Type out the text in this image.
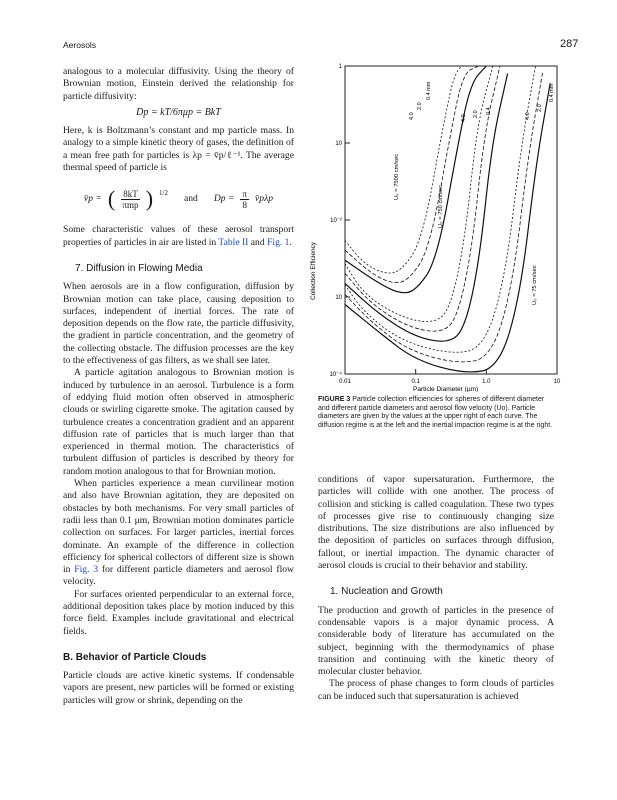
Aerosols	287

analogous to a molecular diffusivity. Using the theory of Brownian motion, Einstein derived the relationship for particle diffusivity:

Dp = kT/6πμp = BkT

Here, k is Boltzmann’s constant and mp particle mass. In analogy to a simple kinetic theory of gases, the definition of a mean free path for particles is λp = v̄p/ℓ⁻¹. The average thermal speed of particle is

v̄p = ( $\frac{8kT}{\text{πmp}}$ ) 1/2 and $Dp = \frac{\pi}{8}$ v̄pλp

Some characteristic values of these aerosol transport properties of particles in air are listed in Table II and Fig. 1.

7. Diffusion in Flowing Media

When aerosols are in a flow configuration, diffusion by Brownian motion can take place, causing deposition to surfaces, independent of inertial forces. The rate of deposition depends on the flow rate, the particle diffusivity, the gradient in particle concentration, and the geometry of the collecting obstacle. The diffusion processes are the key to the effectiveness of gas filters, as we shall see later.

A particle agitation analogous to Brownian motion is induced by turbulence in an aerosol. Turbulence is a form of eddying fluid motion often observed in atmospheric clouds or swirling cigarette smoke. The agitation caused by turbulence creates a concentration gradient and an apparent diffusion rate of particles that is much larger than that experienced in thermal motion. The characteristics of turbulent diffusion of particles is described by theory for random motion analogous to that for Brownian motion.

When particles experience a mean curvilinear motion and also have Brownian agitation, they are deposited on obstacles by both mechanisms. For very small particles of radii less than 0.1 μm, Brownian motion dominates particle collection on surfaces. For larger particles, inertial forces dominate. An example of the difference in collection efficiency for spherical collectors of different size is shown in Fig. 3 for different particle diameters and aerosol flow velocity.

For surfaces oriented perpendicular to an external force, additional deposition takes place by motion induced by this force field. Examples include gravitational and electrical fields.

B. Behavior of Particle Clouds

Particle clouds are active kinetic systems. If condensable vapors are present, new particles will be formed or existing particles will grow or shrink, depending on the

1
10
10⁻²
10
10⁻⁴
0.01	0.1	1.0	10
Collection Efficiency
Particle Diameter (μm)
U₀ = 7500 cm/sec
U₀ = 750 cm/sec
U₀ = 75 cm/sec
0.4 mm
2.0
4.0
0.4
2.0
4.0
0.4 mm
2.0
4.0
FIGURE 3 Particle collection efficiencies for spheres of different diameter and different particle diameters and aerosol flow velocity (Uo). Particle diameters are given by the values at the upper right of each curve. The diffusion regime is at the left and the inertial impaction regime is at the right.

conditions of vapor supersaturation. Furthermore, the particles will collide with one another. The process of collision and sticking is called coagulation. These two types of processes give rise to continuously changing size distributions. The size distributions are also influenced by the deposition of particles on surfaces through diffusion, fallout, or inertial impaction. The dynamic character of aerosol clouds is crucial to their behavior and stability.

1. Nucleation and Growth

The production and growth of particles in the presence of condensable vapors is a major dynamic process. A considerable body of literature has accumulated on the subject, beginning with the thermodynamics of phase transition and continuing with the kinetic theory of molecular cluster behavior.

The process of phase changes to form clouds of particles can be induced such that supersaturation is achieved
